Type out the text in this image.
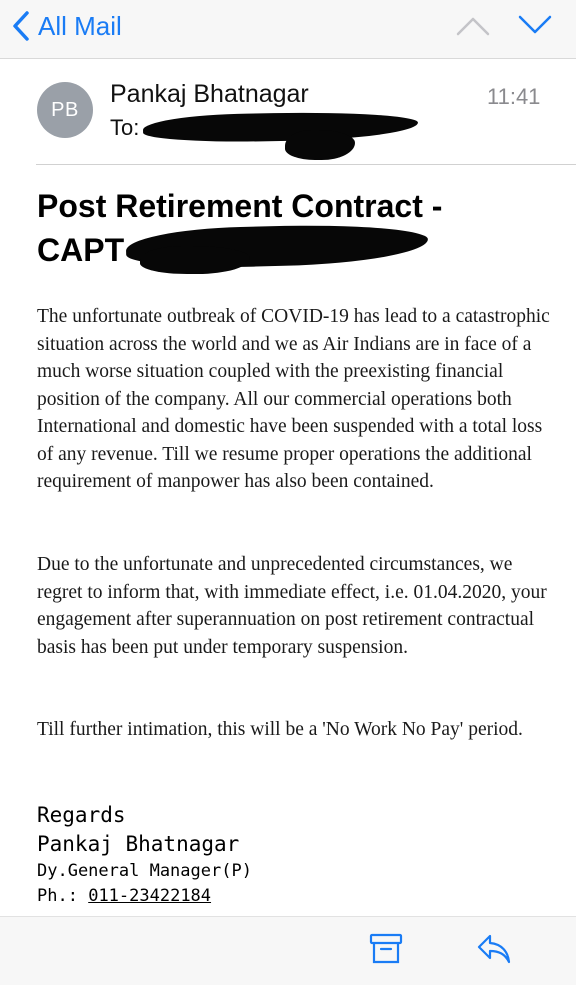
All Mail
PB
Pankaj Bhatnagar	11:41
To:
Post Retirement Contract -
CAPT
The unfortunate outbreak of COVID-19 has lead to a catastrophic situation across the world and we as Air Indians are in face of a much worse situation coupled with the preexisting financial position of the company. All our commercial operations both International and domestic have been suspended with a total loss of any revenue. Till we resume proper operations the additional requirement of manpower has also been contained.
Due to the unfortunate and unprecedented circumstances, we regret to inform that, with immediate effect, i.e. 01.04.2020, your engagement after superannuation on post retirement contractual basis has been put under temporary suspension.
Till further intimation, this will be a 'No Work No Pay' period.
Regards
Pankaj Bhatnagar
Dy.General Manager(P)
Ph.: 011-23422184
